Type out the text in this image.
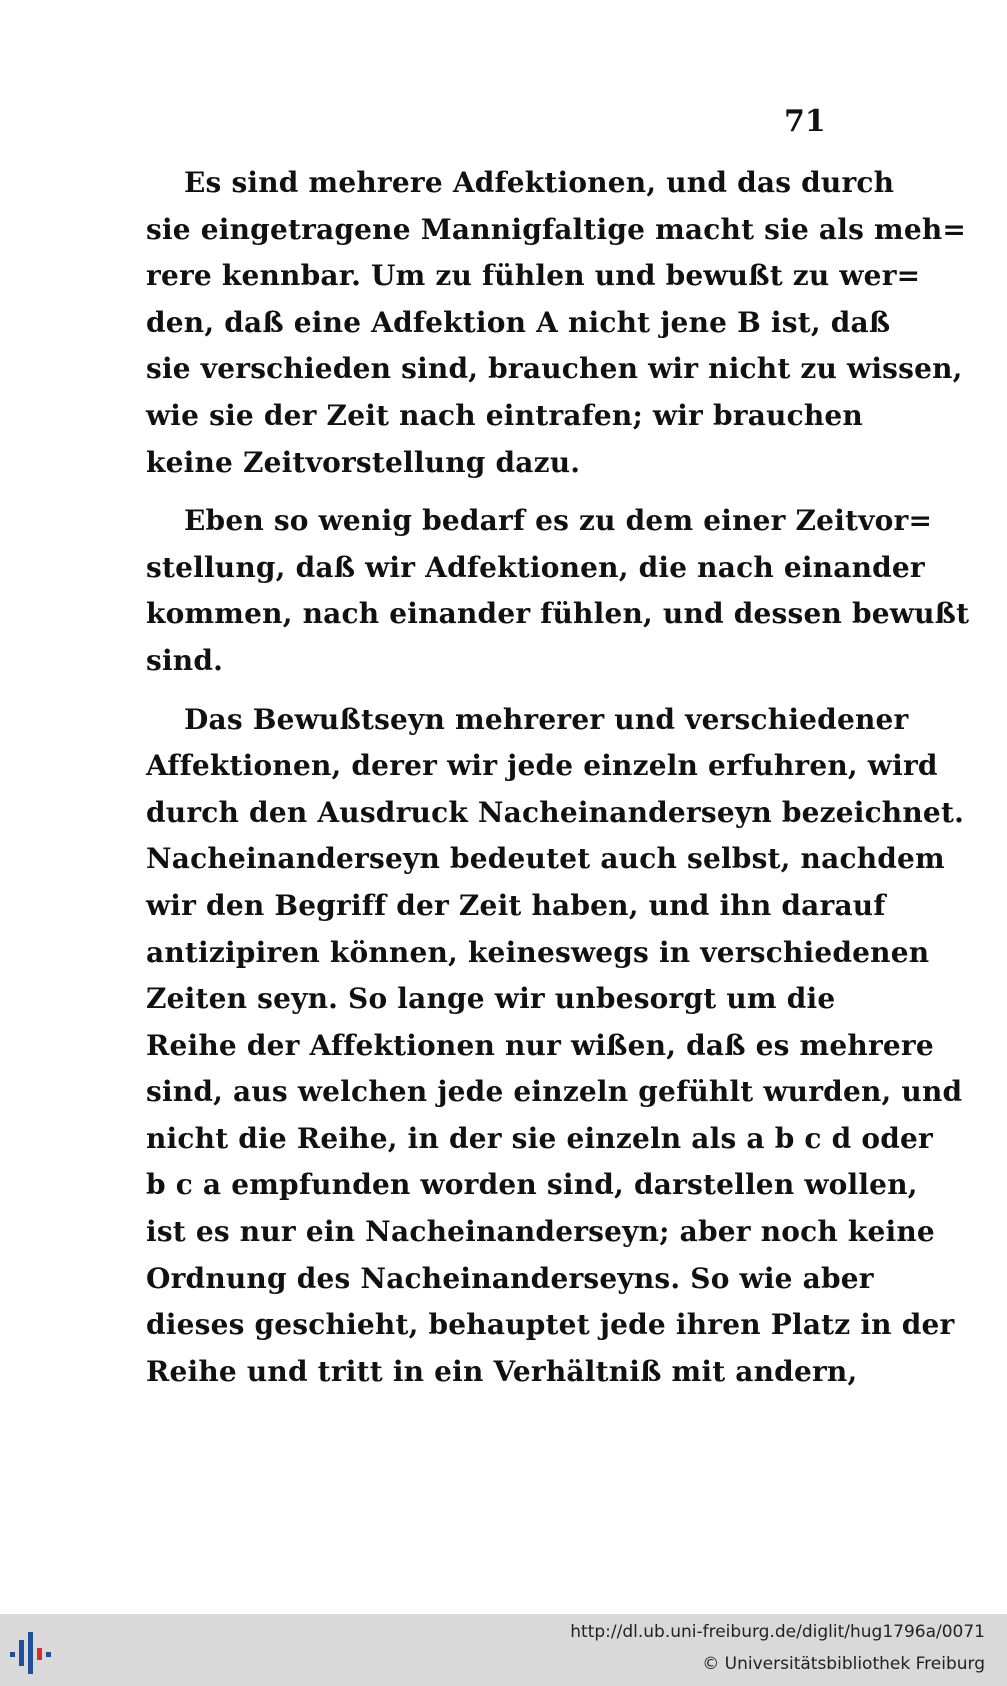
71
Es sind mehrere Adfektionen, und das durch
sie eingetragene Mannigfaltige macht sie als meh=
rere kennbar. Um zu fühlen und bewußt zu wer=
den, daß eine Adfektion A nicht jene B ist, daß
sie verschieden sind, brauchen wir nicht zu wissen,
wie sie der Zeit nach eintrafen; wir brauchen
keine Zeitvorstellung dazu.
Eben so wenig bedarf es zu dem einer Zeitvor=
stellung, daß wir Adfektionen, die nach einander
kommen, nach einander fühlen, und dessen bewußt
sind.
Das Bewußtseyn mehrerer und verschiedener
Affektionen, derer wir jede einzeln erfuhren, wird
durch den Ausdruck Nacheinanderseyn bezeichnet.
Nacheinanderseyn bedeutet auch selbst, nachdem
wir den Begriff der Zeit haben, und ihn darauf
antizipiren können, keineswegs in verschiedenen
Zeiten seyn. So lange wir unbesorgt um die
Reihe der Affektionen nur wißen, daß es mehrere
sind, aus welchen jede einzeln gefühlt wurden, und
nicht die Reihe, in der sie einzeln als a b c d oder
b c a empfunden worden sind, darstellen wollen,
ist es nur ein Nacheinanderseyn; aber noch keine
Ordnung des Nacheinanderseyns. So wie aber
dieses geschieht, behauptet jede ihren Platz in der
Reihe und tritt in ein Verhältniß mit andern,
http://dl.ub.uni-freiburg.de/diglit/hug1796a/0071
© Universitätsbibliothek Freiburg
